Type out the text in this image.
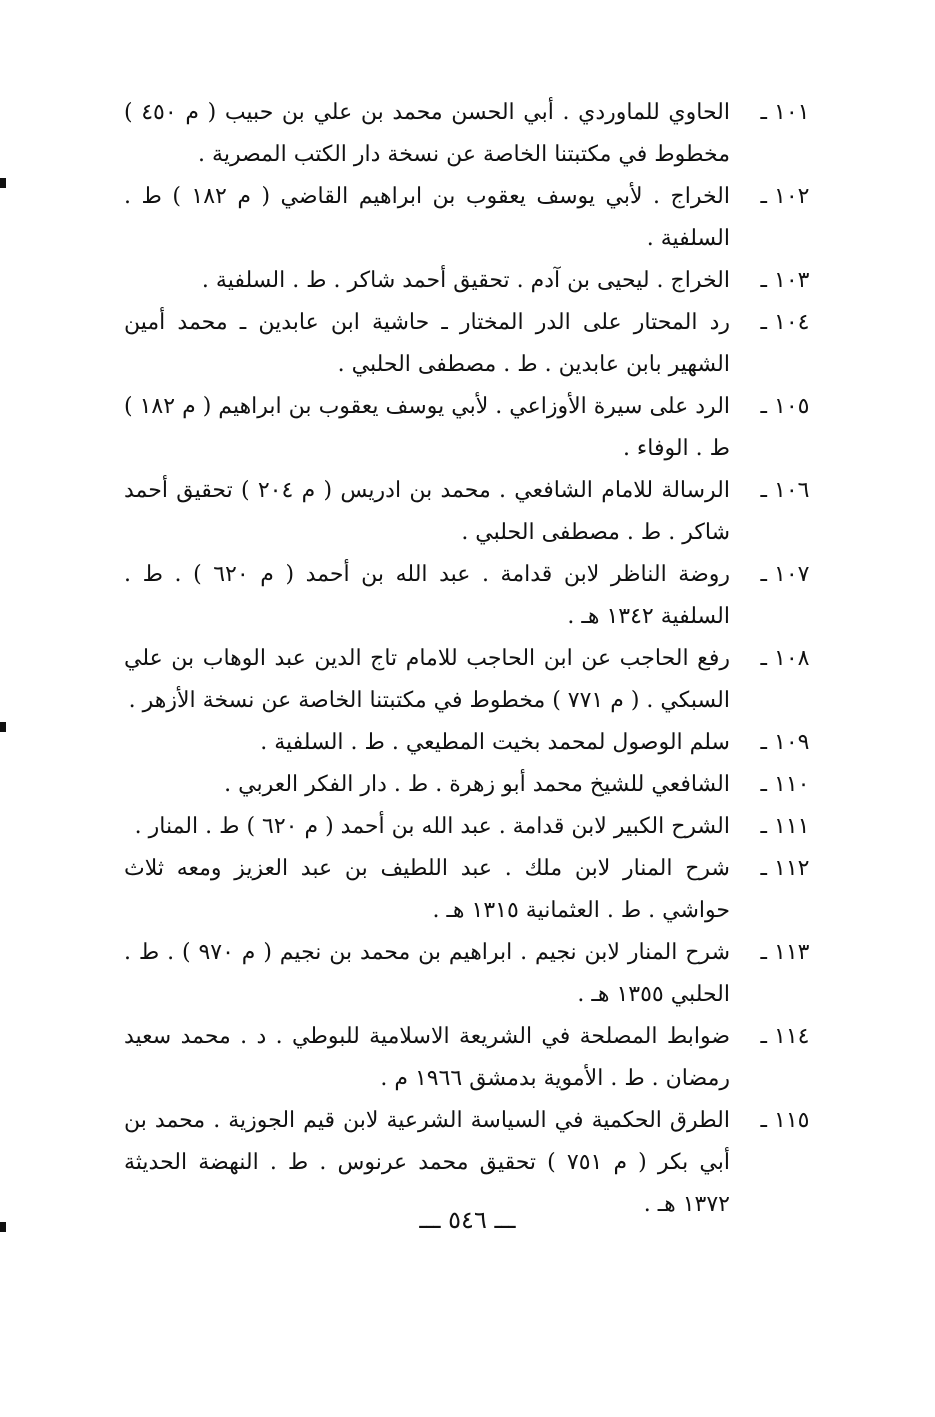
١٠١ ـ
الحاوي للماوردي . أبي الحسن محمد بن علي بن حبيب ( م ٤٥٠ ) مخطوط في مكتبتنا الخاصة عن نسخة دار الكتب المصرية .
١٠٢ ـ
الخراج . لأبي يوسف يعقوب بن ابراهيم القاضي ( م ١٨٢ ) ط . السلفية .
١٠٣ ـ
الخراج . ليحيى بن آدم . تحقيق أحمد شاكر . ط . السلفية .
١٠٤ ـ
رد المحتار على الدر المختار ـ حاشية ابن عابدين ـ محمد أمين الشهير بابن عابدين . ط . مصطفى الحلبي .
١٠٥ ـ
الرد على سيرة الأوزاعي . لأبي يوسف يعقوب بن ابراهيم ( م ١٨٢ ) ط . الوفاء .
١٠٦ ـ
الرسالة للامام الشافعي . محمد بن ادريس ( م ٢٠٤ ) تحقيق أحمد شاكر . ط . مصطفى الحلبي .
١٠٧ ـ
روضة الناظر لابن قدامة . عبد الله بن أحمد ( م ٦٢٠ ) . ط . السلفية ١٣٤٢ هـ .
١٠٨ ـ
رفع الحاجب عن ابن الحاجب للامام تاج الدين عبد الوهاب بن علي السبكي . ( م ٧٧١ ) مخطوط في مكتبتنا الخاصة عن نسخة الأزهر .
١٠٩ ـ
سلم الوصول لمحمد بخيت المطيعي . ط . السلفية .
١١٠ ـ
الشافعي للشيخ محمد أبو زهرة . ط . دار الفكر العربي .
١١١ ـ
الشرح الكبير لابن قدامة . عبد الله بن أحمد ( م ٦٢٠ ) ط . المنار .
١١٢ ـ
شرح المنار لابن ملك . عبد اللطيف بن عبد العزيز ومعه ثلاث حواشي . ط . العثمانية ١٣١٥ هـ .
١١٣ ـ
شرح المنار لابن نجيم . ابراهيم بن محمد بن نجيم ( م ٩٧٠ ) . ط . الحلبي ١٣٥٥ هـ .
١١٤ ـ
ضوابط المصلحة في الشريعة الاسلامية للبوطي . د . محمد سعيد رمضان . ط . الأموية بدمشق ١٩٦٦ م .
١١٥ ـ
الطرق الحكمية في السياسة الشرعية لابن قيم الجوزية . محمد بن أبي بكر ( م ٧٥١ ) تحقيق محمد عرنوس . ط . النهضة الحديثة ١٣٧٢ هـ .
ـــ ٥٤٦ ـــ
